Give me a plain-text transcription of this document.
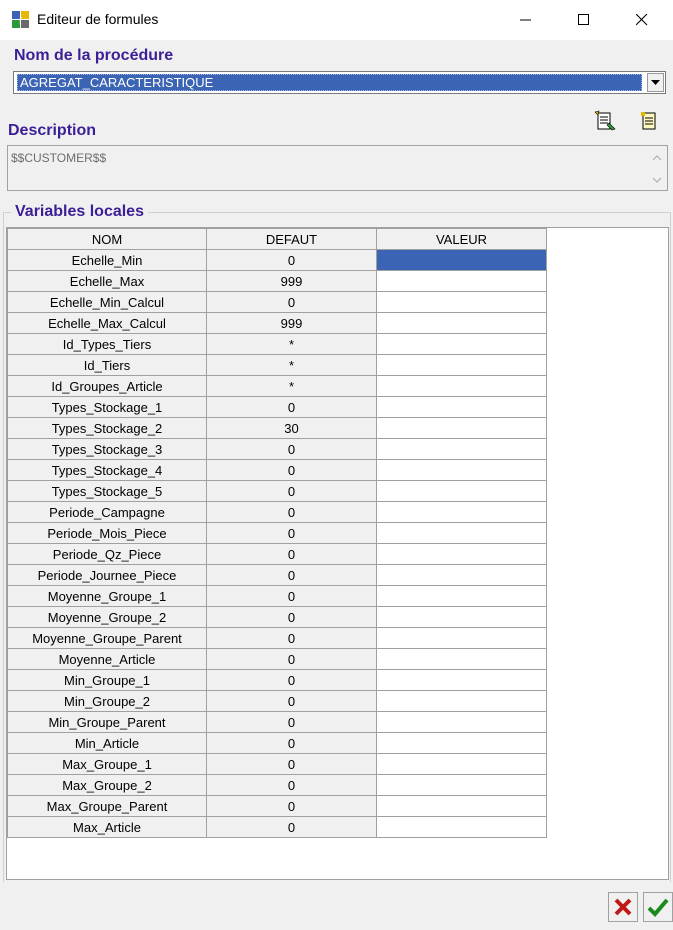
f Editeur de formules
Nom de la procédure
AGREGAT_CARACTERISTIQUE
Description
$$CUSTOMER$$
Variables locales
NOM	DEFAUT	VALEUR
Echelle_Min	0	
Echelle_Max	999	
Echelle_Min_Calcul	0	
Echelle_Max_Calcul	999	
Id_Types_Tiers	*	
Id_Tiers	*	
Id_Groupes_Article	*	
Types_Stockage_1	0	
Types_Stockage_2	30	
Types_Stockage_3	0	
Types_Stockage_4	0	
Types_Stockage_5	0	
Periode_Campagne	0	
Periode_Mois_Piece	0	
Periode_Qz_Piece	0	
Periode_Journee_Piece	0	
Moyenne_Groupe_1	0	
Moyenne_Groupe_2	0	
Moyenne_Groupe_Parent	0	
Moyenne_Article	0	
Min_Groupe_1	0	
Min_Groupe_2	0	
Min_Groupe_Parent	0	
Min_Article	0	
Max_Groupe_1	0	
Max_Groupe_2	0	
Max_Groupe_Parent	0	
Max_Article	0	
